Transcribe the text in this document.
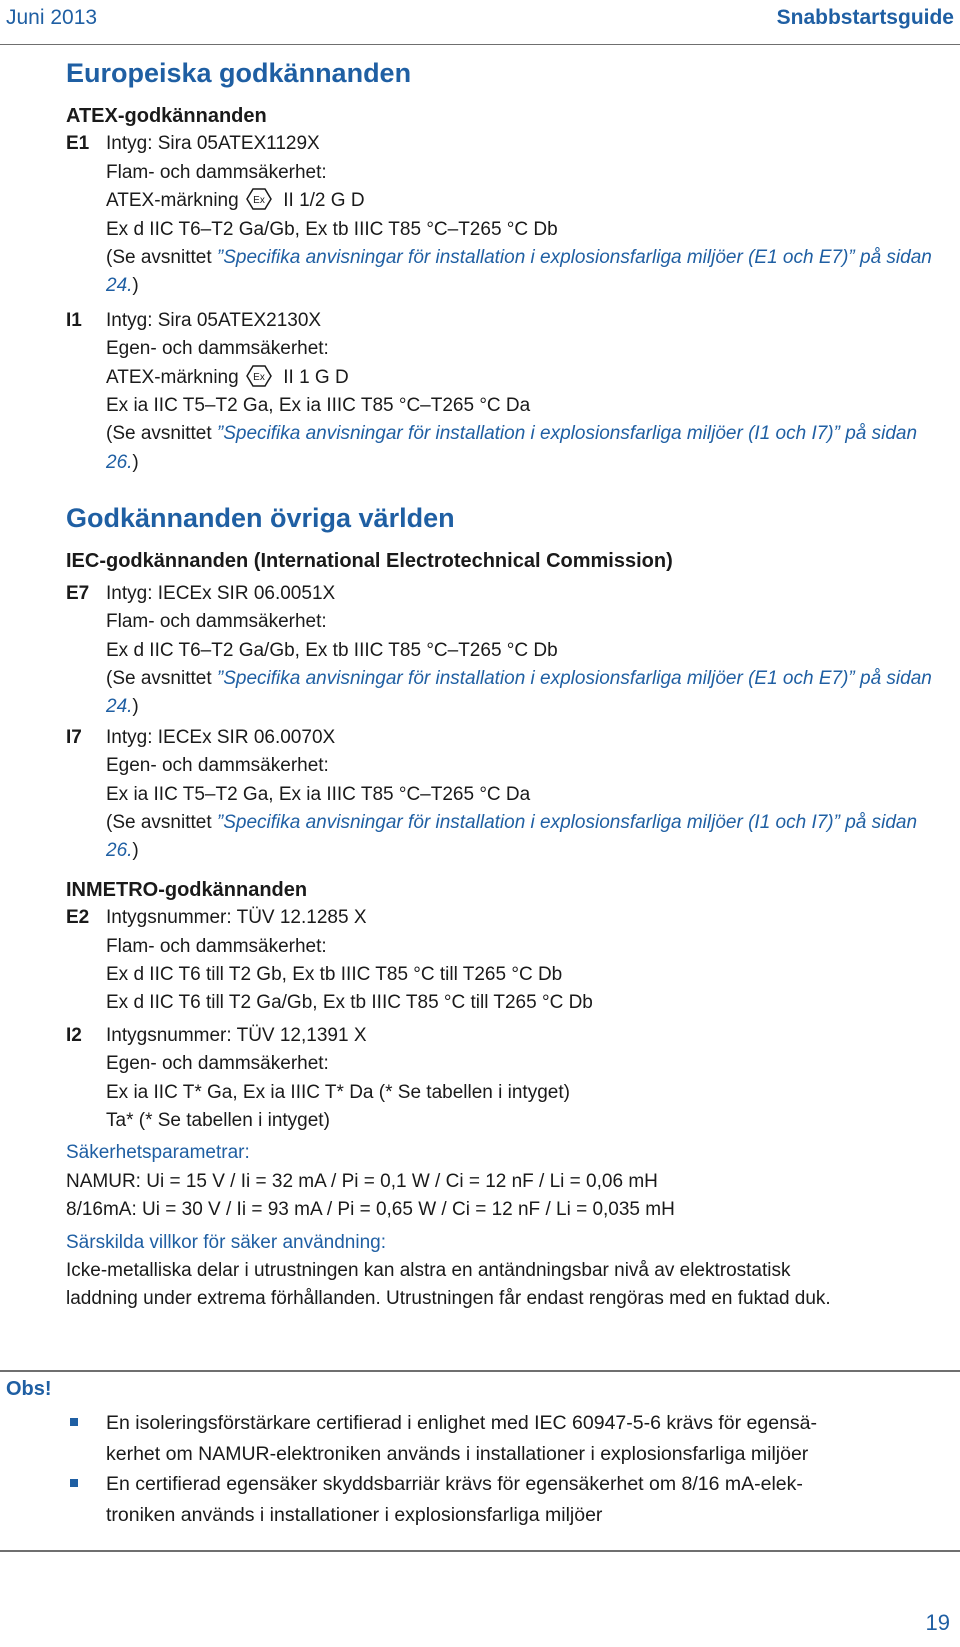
Juni 2013	Snabbstartsguide
Europeiska godkännanden
ATEX-godkännanden
E1 Intyg: Sira 05ATEX1129X
Flam- och dammsäkerhet:
ATEX-märkning Ex II 1/2 G D
Ex d IIC T6–T2 Ga/Gb, Ex tb IIIC T85 °C–T265 °C Db
(Se avsnittet ”Specifika anvisningar för installation i explosionsfarliga miljöer (E1 och E7)” på sidan 24.)
I1	Intyg: Sira 05ATEX2130X
Egen- och dammsäkerhet:
ATEX-märkning Ex II 1 G D
Ex ia IIC T5–T2 Ga, Ex ia IIIC T85 °C–T265 °C Da
(Se avsnittet ”Specifika anvisningar för installation i explosionsfarliga miljöer (I1 och I7)” på sidan 26.)
Godkännanden övriga världen
IEC-godkännanden (International Electrotechnical Commission)
E7 Intyg: IECEx SIR 06.0051X
Flam- och dammsäkerhet:
Ex d IIC T6–T2 Ga/Gb, Ex tb IIIC T85 °C–T265 °C Db
(Se avsnittet ”Specifika anvisningar för installation i explosionsfarliga miljöer (E1 och E7)” på sidan 24.)
I7	Intyg: IECEx SIR 06.0070X
Egen- och dammsäkerhet:
Ex ia IIC T5–T2 Ga, Ex ia IIIC T85 °C–T265 °C Da
(Se avsnittet ”Specifika anvisningar för installation i explosionsfarliga miljöer (I1 och I7)” på sidan 26.)
INMETRO-godkännanden
E2 Intygsnummer: TÜV 12.1285 X
Flam- och dammsäkerhet:
Ex d IIC T6 till T2 Gb, Ex tb IIIC T85 °C till T265 °C Db
Ex d IIC T6 till T2 Ga/Gb, Ex tb IIIC T85 °C till T265 °C Db
I2	Intygsnummer: TÜV 12,1391 X
Egen- och dammsäkerhet:
Ex ia IIC T* Ga, Ex ia IIIC T* Da (* Se tabellen i intyget)
Ta* (* Se tabellen i intyget)
Säkerhetsparametrar:
NAMUR: Ui = 15 V / Ii = 32 mA / Pi = 0,1 W / Ci = 12 nF / Li = 0,06 mH
8/16mA: Ui = 30 V / Ii = 93 mA / Pi = 0,65 W / Ci = 12 nF / Li = 0,035 mH
Särskilda villkor för säker användning:
Icke-metalliska delar i utrustningen kan alstra en antändningsbar nivå av elektrostatisk
laddning under extrema förhållanden. Utrustningen får endast rengöras med en fuktad duk.
Obs!
En isoleringsförstärkare certifierad i enlighet med IEC 60947-5-6 krävs för egensä-
kerhet om NAMUR-elektroniken används i installationer i explosionsfarliga miljöer
En certifierad egensäker skyddsbarriär krävs för egensäkerhet om 8/16 mA-elek-
troniken används i installationer i explosionsfarliga miljöer
19
